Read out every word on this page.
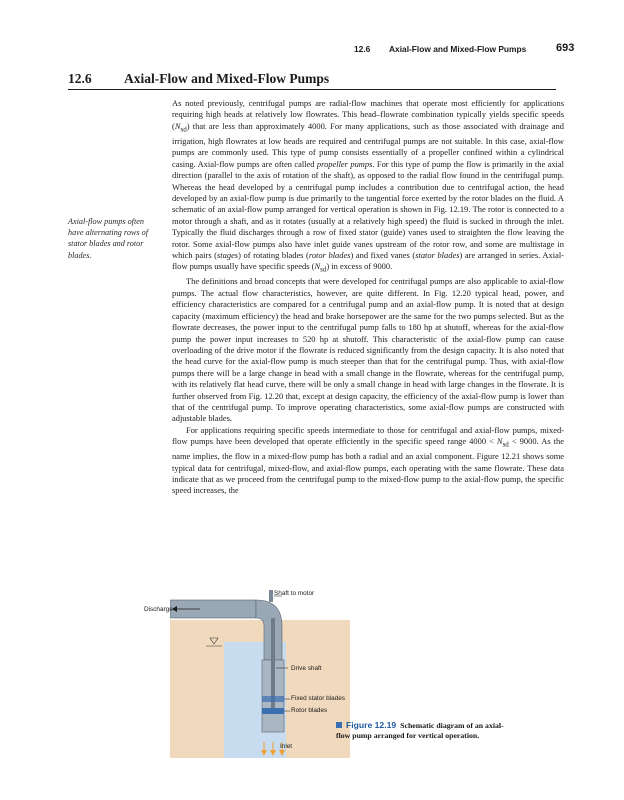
12.6 Axial-Flow and Mixed-Flow Pumps	693
12.6 Axial-Flow and Mixed-Flow Pumps
Axial-flow pumps often have alternating rows of stator blades and rotor blades.

As noted previously, centrifugal pumps are radial-flow machines that operate most efficiently for applications requiring high heads at relatively low flowrates. This head–flowrate combination typically yields specific speeds $(N_{sd})$ that are less than approximately 4000. For many applications, such as those associated with drainage and irrigation, high flowrates at low heads are required and centrifugal pumps are not suitable. In this case, axial-flow pumps are commonly used. This type of pump consists essentially of a propeller confined within a cylindrical casing. Axial-flow pumps are often called propeller pumps. For this type of pump the flow is primarily in the axial direction (parallel to the axis of rotation of the shaft), as opposed to the radial flow found in the centrifugal pump. Whereas the head developed by a centrifugal pump includes a contribution due to centrifugal action, the head developed by an axial-flow pump is due primarily to the tangential force exerted by the rotor blades on the fluid. A schematic of an axial-flow pump arranged for vertical operation is shown in Fig. 12.19. The rotor is connected to a motor through a shaft, and as it rotates (usually at a relatively high speed) the fluid is sucked in through the inlet. Typically the fluid discharges through a row of fixed stator (guide) vanes used to straighten the flow leaving the rotor. Some axial-flow pumps also have inlet guide vanes upstream of the rotor row, and some are multistage in which pairs (stages) of rotating blades (rotor blades) and fixed vanes (stator blades) are arranged in series. Axial-flow pumps usually have specific speeds $(N_{sd})$ in excess of 9000.

The definitions and broad concepts that were developed for centrifugal pumps are also applicable to axial-flow pumps. The actual flow characteristics, however, are quite different. In Fig. 12.20 typical head, power, and efficiency characteristics are compared for a centrifugal pump and an axial-flow pump. It is noted that at design capacity (maximum efficiency) the head and brake horsepower are the same for the two pumps selected. But as the flowrate decreases, the power input to the centrifugal pump falls to 180 hp at shutoff, whereas for the axial-flow pump the power input increases to 520 hp at shutoff. This characteristic of the axial-flow pump can cause overloading of the drive motor if the flowrate is reduced significantly from the design capacity. It is also noted that the head curve for the axial-flow pump is much steeper than that for the centrifugal pump. Thus, with axial-flow pumps there will be a large change in head with a small change in the flowrate, whereas for the centrifugal pump, with its relatively flat head curve, there will be only a small change in head with large changes in the flowrate. It is further observed from Fig. 12.20 that, except at design capacity, the efficiency of the axial-flow pump is lower than that of the centrifugal pump. To improve operating characteristics, some axial-flow pumps are constructed with adjustable blades.

For applications requiring specific speeds intermediate to those for centrifugal and axial-flow pumps, mixed-flow pumps have been developed that operate efficiently in the specific speed range $4000 < N_{sd} < 9000$. As the name implies, the flow in a mixed-flow pump has both a radial and an axial component. Figure 12.21 shows some typical data for centrifugal, mixed-flow, and axial-flow pumps, each operating with the same flowrate. These data indicate that as we proceed from the centrifugal pump to the mixed-flow pump to the axial-flow pump, the specific speed increases, the

Shaft to motor
Discharge
Drive shaft
Fixed stator blades
Rotor blades
Inlet
Figure 12.19 Schematic diagram of an axial-flow pump arranged for vertical operation.
